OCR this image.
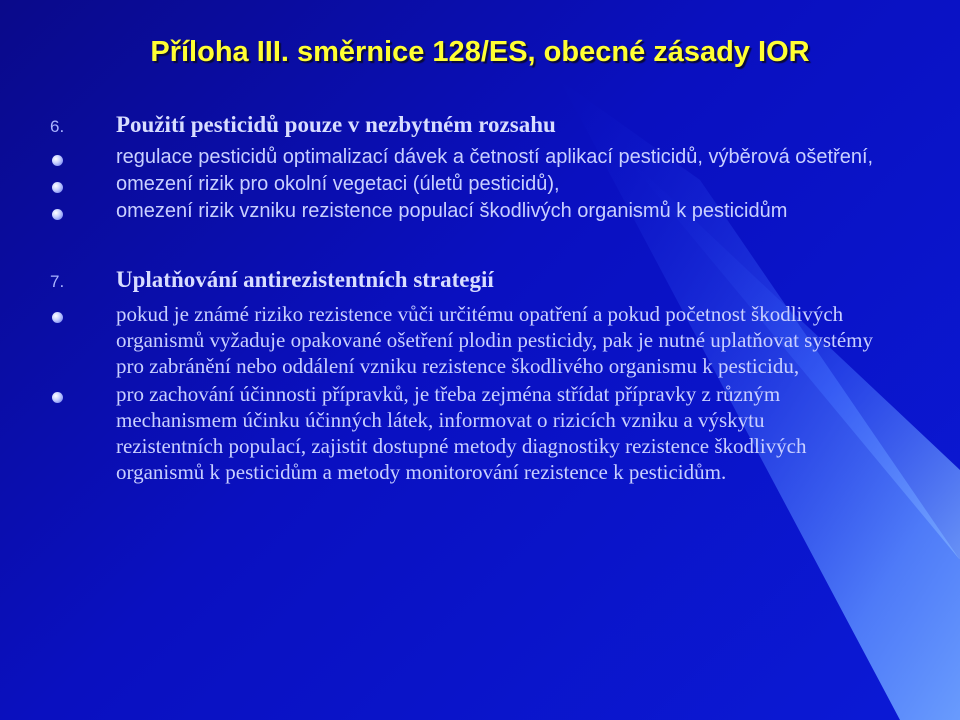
Příloha III. směrnice 128/ES, obecné zásady IOR
6.	Použití pesticidů pouze v nezbytném rozsahu
regulace pesticidů optimalizací dávek a četností aplikací pesticidů, výběrová ošetření,
omezení rizik pro okolní vegetaci (úletů pesticidů),
omezení rizik vzniku rezistence populací škodlivých organismů k pesticidům
7.	Uplatňování antirezistentních strategií
pokud je známé riziko rezistence vůči určitému opatření a pokud početnost škodlivých organismů vyžaduje opakované ošetření plodin pesticidy, pak je nutné uplatňovat systémy pro zabránění nebo oddálení vzniku rezistence škodlivého organismu k pesticidu,
pro zachování účinnosti přípravků, je třeba zejména střídat přípravky z různým mechanismem účinku účinných látek, informovat o rizicích vzniku a výskytu rezistentních populací, zajistit dostupné metody diagnostiky rezistence škodlivých organismů k pesticidům a metody monitorování rezistence k pesticidům.
